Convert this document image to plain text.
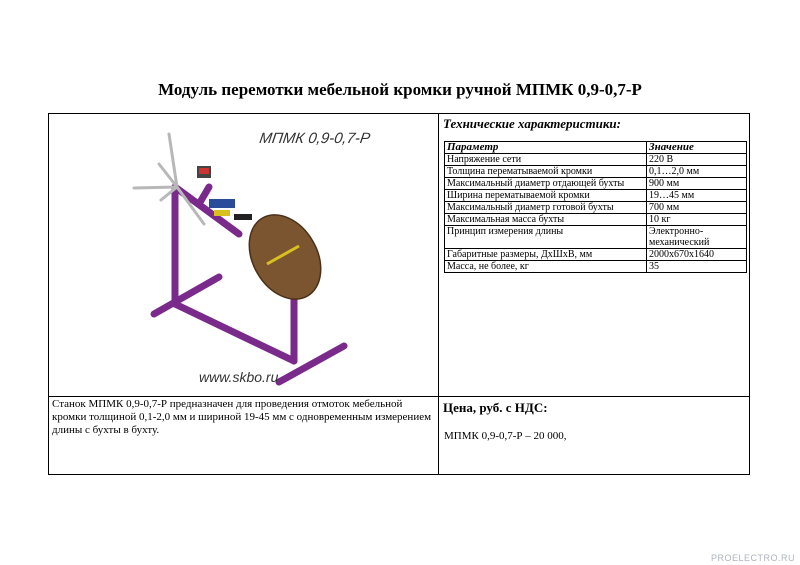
Модуль перемотки мебельной кромки ручной МПМК 0,9-0,7-Р
МПМК 0,9-0,7-Р
www.skbo.ru
Технические характеристики:
Параметр	Значение
Напряжение сети	220 В
Толщина перематываемой кромки	0,1…2,0 мм
Максимальный диаметр отдающей бухты	900 мм
Ширина перематываемой кромки	19…45 мм
Максимальный диаметр готовой бухты	700 мм
Максимальная масса бухты	10 кг
Принцип измерения длины	Электронно-механический
Габаритные размеры, ДхШхВ, мм	2000х670х1640
Масса, не более, кг	35
Станок МПМК 0,9-0,7-Р предназначен для проведения отмоток мебельной кромки толщиной 0,1-2,0 мм и шириной 19-45 мм с одновременным измерением длины с бухты в бухту.
Цена, руб. с НДС:
МПМК 0,9-0,7-Р – 20 000,
PROELECTRO.RU
